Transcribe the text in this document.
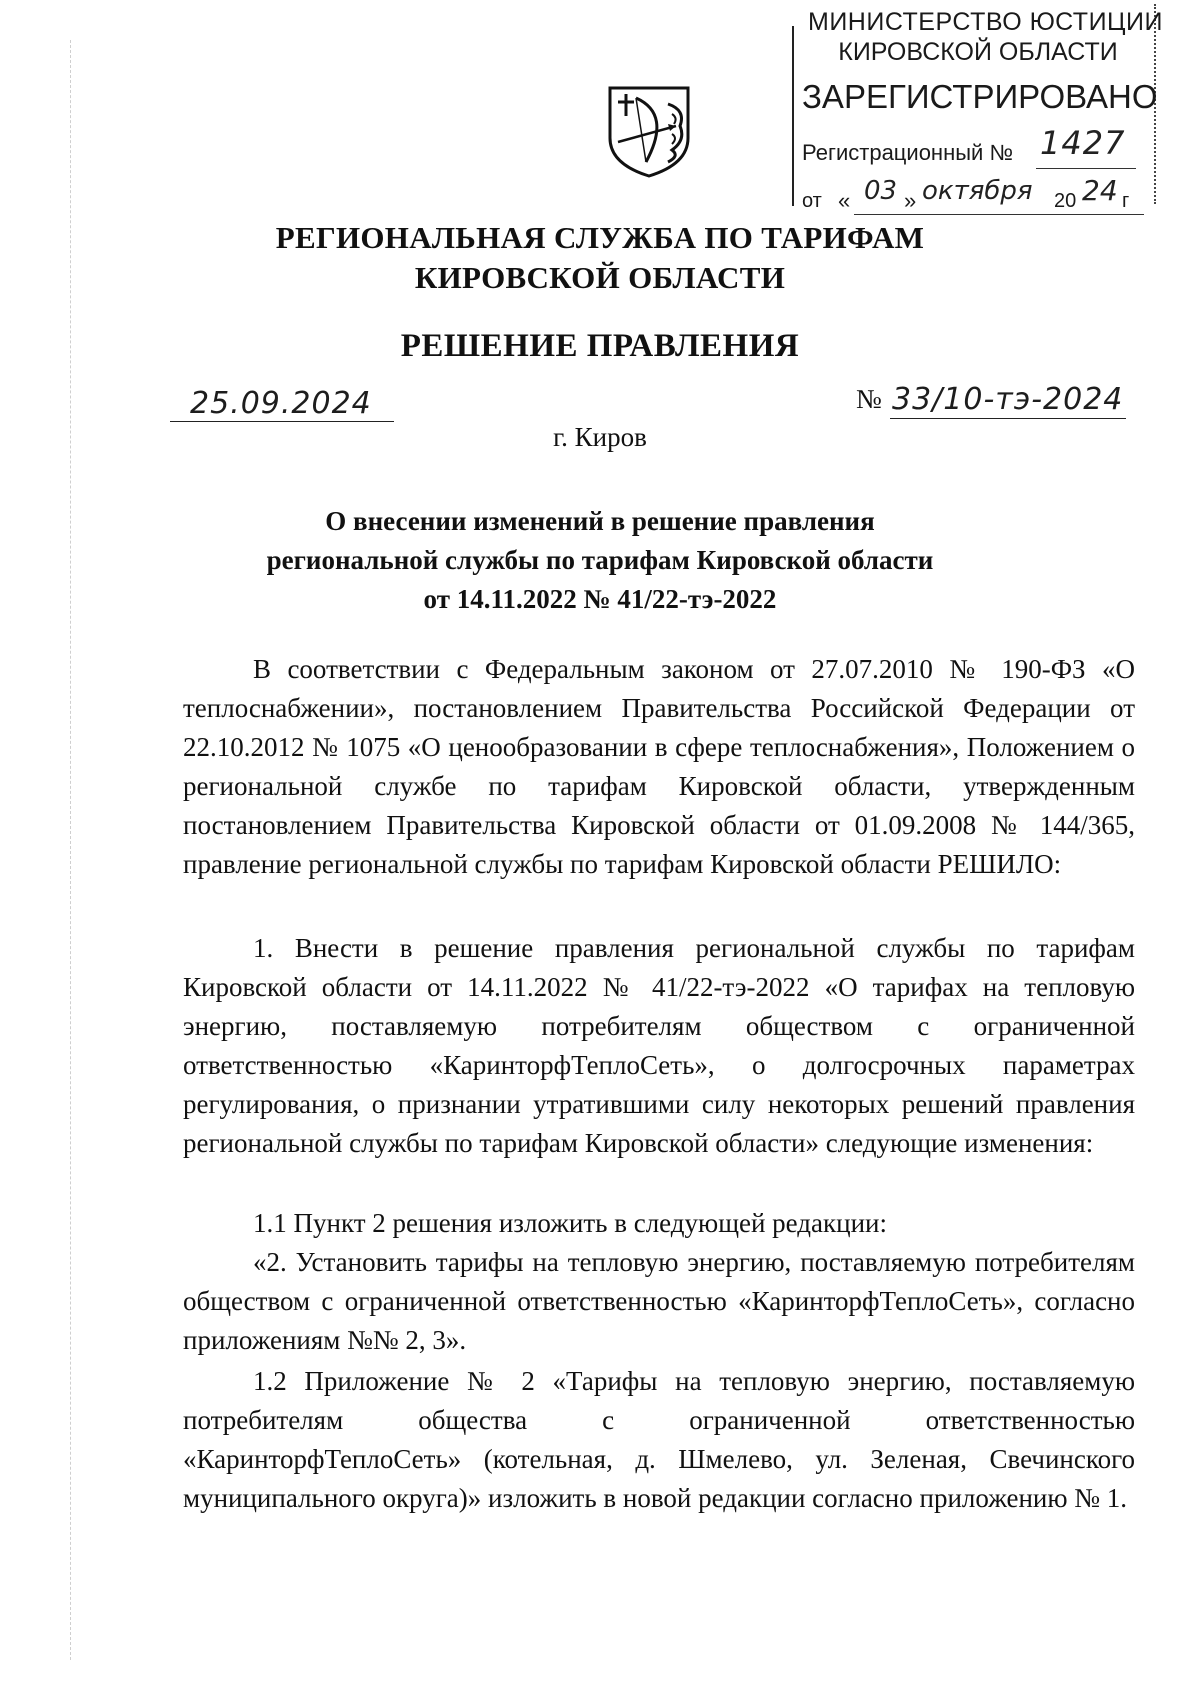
МИНИСТЕРСТВО ЮСТИЦИИ
КИРОВСКОЙ ОБЛАСТИ
ЗАРЕГИСТРИРОВАНО
Регистрационный № 1427
от « 03 » октября 20 24 г
РЕГИОНАЛЬНАЯ СЛУЖБА ПО ТАРИФАМ
КИРОВСКОЙ ОБЛАСТИ
РЕШЕНИЕ ПРАВЛЕНИЯ
25.09.2024	№ 33/10-тэ-2024
г. Киров
О внесении изменений в решение правления региональной службы по тарифам Кировской области от 14.11.2022 № 41/22-тэ-2022
В соответствии с Федеральным законом от 27.07.2010 № 190-ФЗ «О теплоснабжении», постановлением Правительства Российской Федерации от 22.10.2012 № 1075 «О ценообразовании в сфере теплоснабжения», Положением о региональной службе по тарифам Кировской области, утвержденным постановлением Правительства Кировской области от 01.09.2008 № 144/365, правление региональной службы по тарифам Кировской области РЕШИЛО:
1. Внести в решение правления региональной службы по тарифам Кировской области от 14.11.2022 № 41/22-тэ-2022 «О тарифах на тепловую энергию, поставляемую потребителям обществом с ограниченной ответственностью «КаринторфТеплоСеть», о долгосрочных параметрах регулирования, о признании утратившими силу некоторых решений правления региональной службы по тарифам Кировской области» следующие изменения:
1.1 Пункт 2 решения изложить в следующей редакции:
«2. Установить тарифы на тепловую энергию, поставляемую потребителям обществом с ограниченной ответственностью «КаринторфТеплоСеть», согласно приложениям №№ 2, 3».
1.2 Приложение № 2 «Тарифы на тепловую энергию, поставляемую потребителям общества с ограниченной ответственностью «КаринторфТеплоСеть» (котельная, д. Шмелево, ул. Зеленая, Свечинского муниципального округа)» изложить в новой редакции согласно приложению № 1.
